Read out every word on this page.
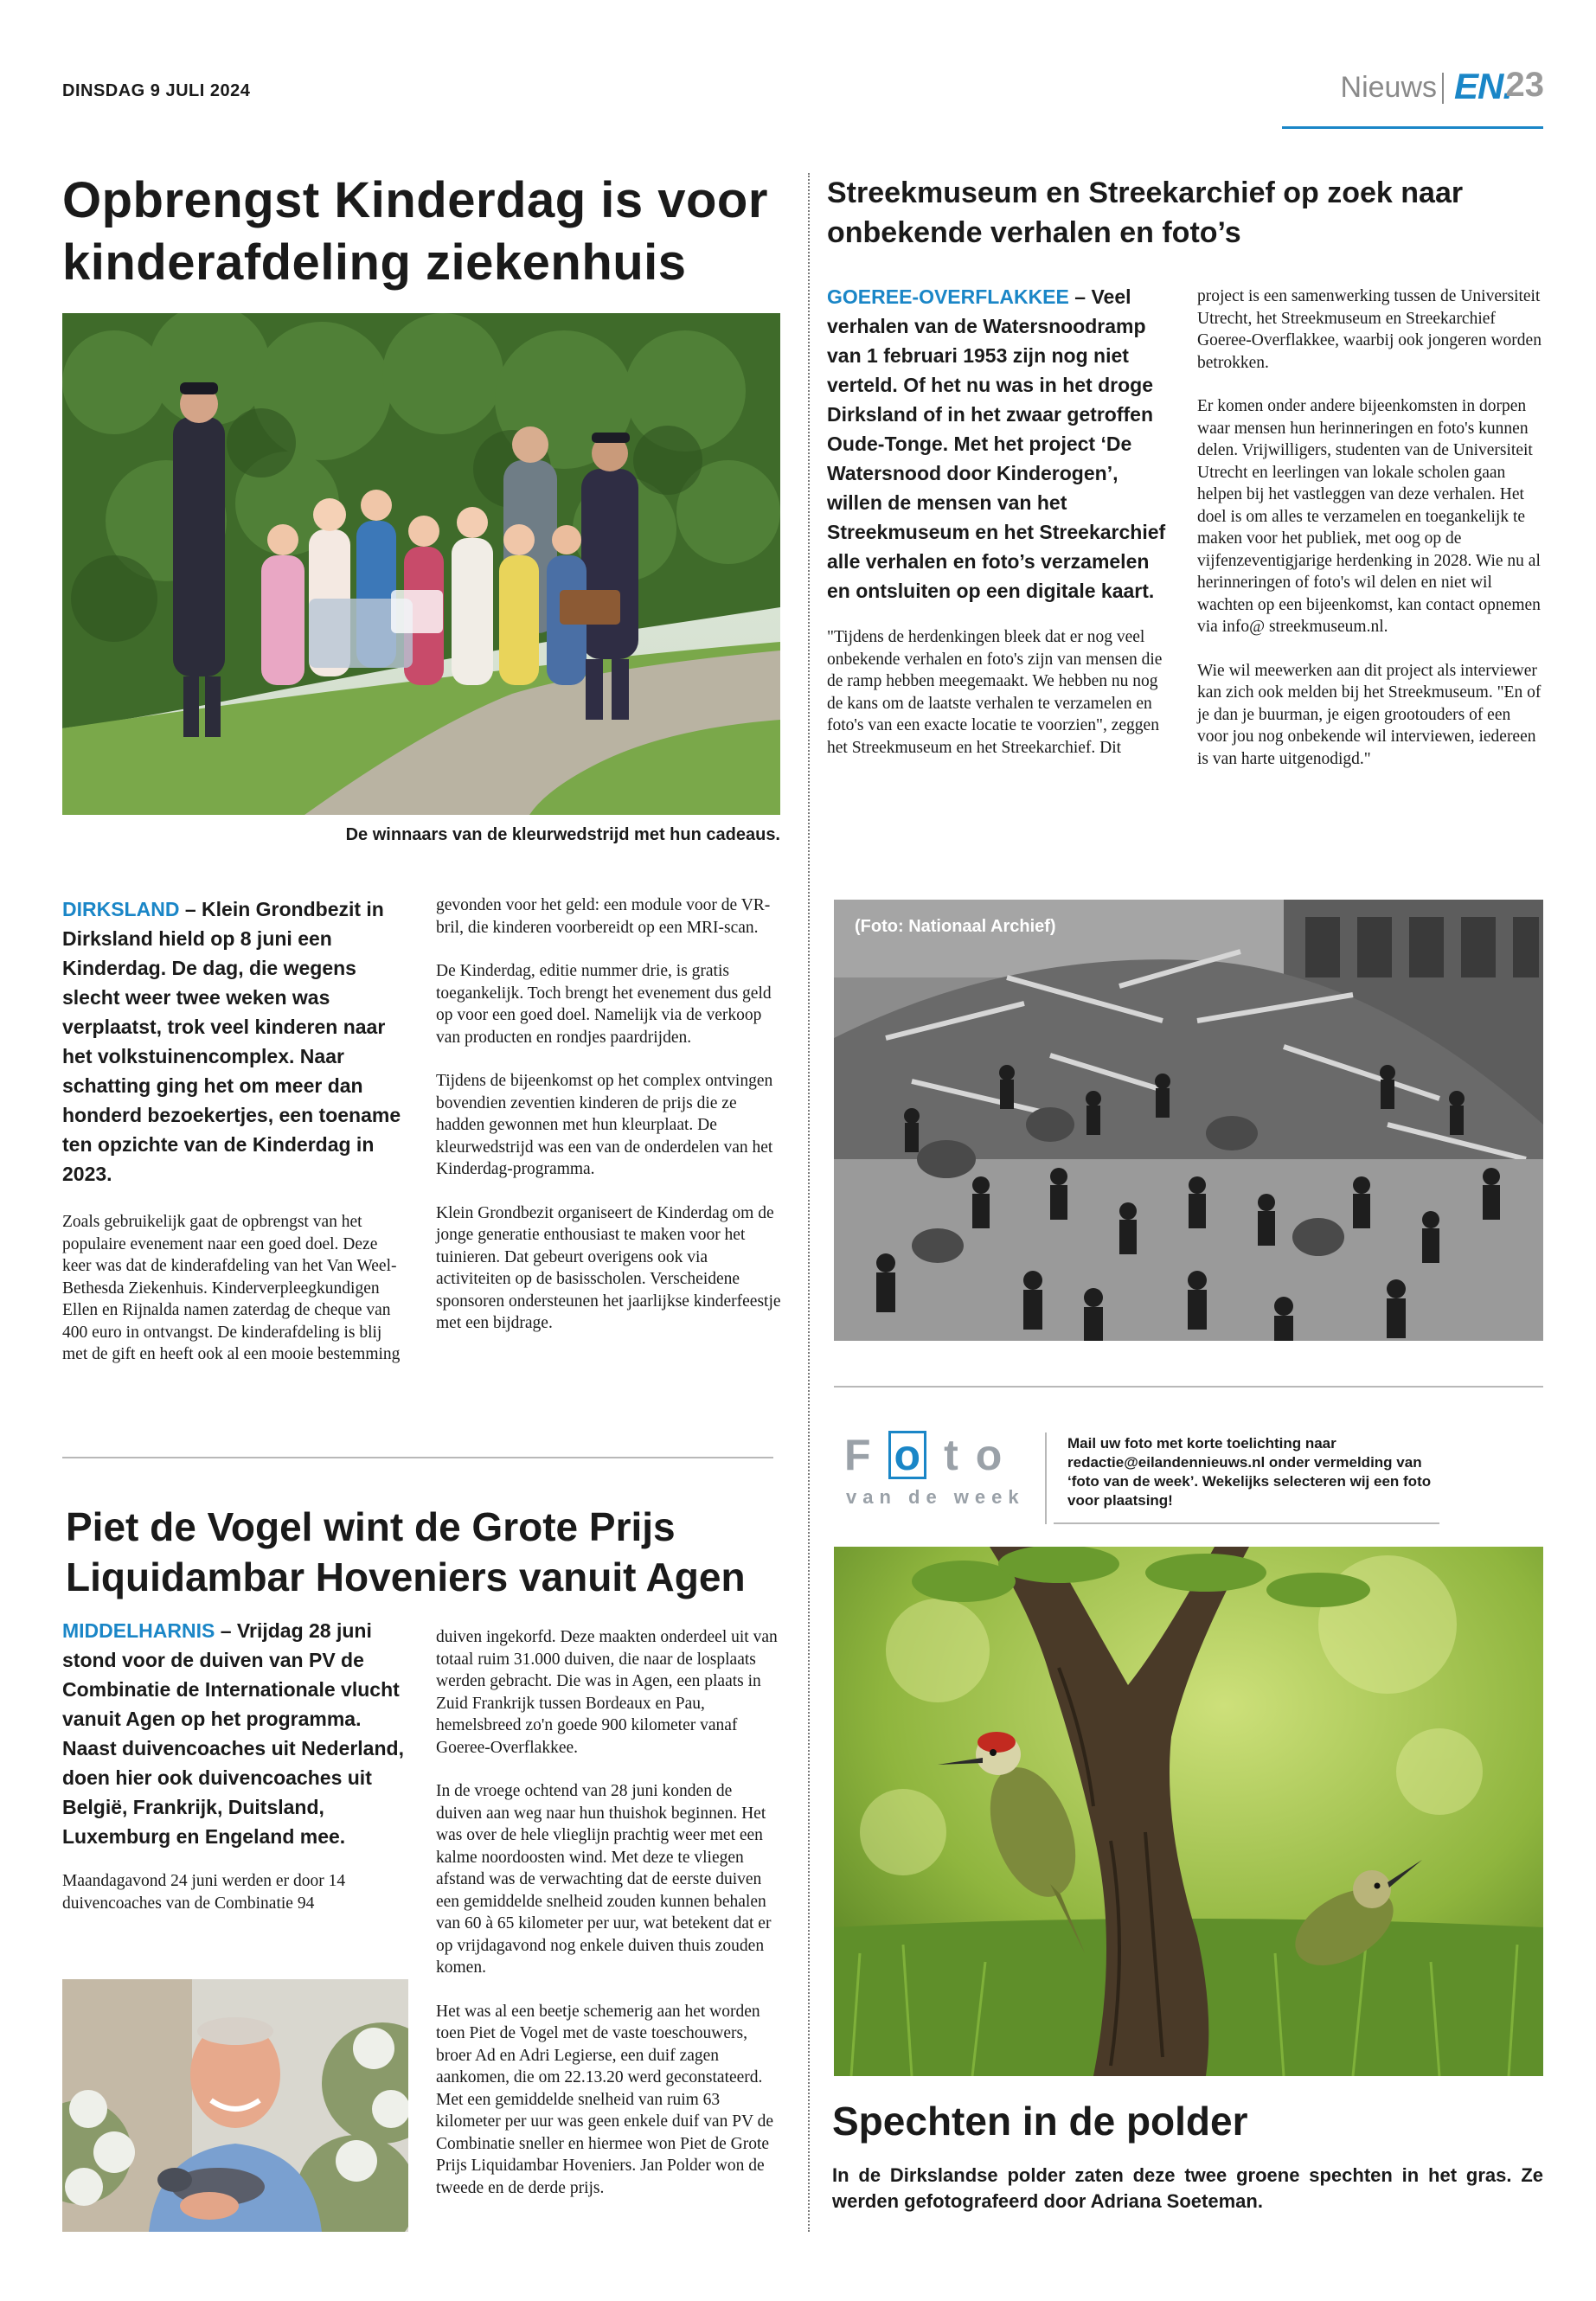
DINSDAG 9 JULI 2024	Nieuws EN.
23
Opbrengst Kinderdag is voor kinderafdeling ziekenhuis
De winnaars van de kleurwedstrijd met hun cadeaus.

DIRKSLAND – Klein Grondbezit in Dirksland hield op 8 juni een Kinderdag. De dag, die wegens slecht weer twee weken was verplaatst, trok veel kinderen naar het volkstuinencomplex. Naar schatting ging het om meer dan honderd bezoekertjes, een toename ten opzichte van de Kinderdag in 2023.

Zoals gebruikelijk gaat de opbrengst van het populaire evenement naar een goed doel. Deze keer was dat de kinderafdeling van het Van Weel-Bethesda Ziekenhuis. Kinderverpleegkundigen Ellen en Rijnalda namen zaterdag de cheque van 400 euro in ontvangst. De kinderafdeling is blij met de gift en heeft ook al een mooie bestemming

gevonden voor het geld: een module voor de VR-bril, die kinderen voorbereidt op een MRI-scan.

De Kinderdag, editie nummer drie, is gratis toegankelijk. Toch brengt het evenement dus geld op voor een goed doel. Namelijk via de verkoop van producten en rondjes paardrijden.

Tijdens de bijeenkomst op het complex ontvingen bovendien zeventien kinderen de prijs die ze hadden gewonnen met hun kleurplaat. De kleurwedstrijd was een van de onderdelen van het Kinderdag-programma.

Klein Grondbezit organiseert de Kinderdag om de jonge generatie enthousiast te maken voor het tuinieren. Dat gebeurt overigens ook via activiteiten op de basisscholen. Verscheidene sponsoren ondersteunen het jaarlijkse kinderfeestje met een bijdrage.

Piet de Vogel wint de Grote Prijs Liquidambar Hoveniers vanuit Agen

MIDDELHARNIS – Vrijdag 28 juni stond voor de duiven van PV de Combinatie de Internationale vlucht vanuit Agen op het programma. Naast duivencoaches uit Nederland, doen hier ook duivencoaches uit België, Frankrijk, Duitsland, Luxemburg en Engeland mee.

Maandagavond 24 juni werden er door 14 duivencoaches van de Combinatie 94

duiven ingekorfd. Deze maakten onderdeel uit van totaal ruim 31.000 duiven, die naar de losplaats werden gebracht. Die was in Agen, een plaats in Zuid Frankrijk tussen Bordeaux en Pau, hemelsbreed zo'n goede 900 kilometer vanaf Goeree-Overflakkee.

In de vroege ochtend van 28 juni konden de duiven aan weg naar hun thuishok beginnen. Het was over de hele vlieglijn prachtig weer met een kalme noordoosten wind. Met deze te vliegen afstand was de verwachting dat de eerste duiven een gemiddelde snelheid zouden kunnen behalen van 60 à 65 kilometer per uur, wat betekent dat er op vrijdagavond nog enkele duiven thuis zouden komen.

Het was al een beetje schemerig aan het worden toen Piet de Vogel met de vaste toeschouwers, broer Ad en Adri Legierse, een duif zagen aankomen, die om 22.13.20 werd geconstateerd. Met een gemiddelde snelheid van ruim 63 kilometer per uur was geen enkele duif van PV de Combinatie sneller en hiermee won Piet de Grote Prijs Liquidambar Hoveniers. Jan Polder won de tweede en de derde prijs.

Streekmuseum en Streekarchief op zoek naar onbekende verhalen en foto’s

GOEREE-OVERFLAKKEE – Veel verhalen van de Watersnoodramp van 1 februari 1953 zijn nog niet verteld. Of het nu was in het droge Dirksland of in het zwaar getroffen Oude-Tonge. Met het project ‘De Watersnood door Kinderogen’, willen de mensen van het Streekmuseum en het Streekarchief alle verhalen en foto’s verzamelen en ontsluiten op een digitale kaart.

"Tijdens de herdenkingen bleek dat er nog veel onbekende verhalen en foto's zijn van mensen die de ramp hebben meegemaakt. We hebben nu nog de kans om de laatste verhalen te verzamelen en foto's van een exacte locatie te voorzien", zeggen het Streekmuseum en het Streekarchief. Dit

project is een samenwerking tussen de Universiteit Utrecht, het Streekmuseum en Streekarchief Goeree-Overflakkee, waarbij ook jongeren worden betrokken.

Er komen onder andere bijeenkomsten in dorpen waar mensen hun herinneringen en foto's kunnen delen. Vrijwilligers, studenten van de Universiteit Utrecht en leerlingen van lokale scholen gaan helpen bij het vastleggen van deze verhalen. Het doel is om alles te verzamelen en toegankelijk te maken voor het publiek, met oog op de vijfenzeventigjarige herdenking in 2028. Wie nu al herinneringen of foto's wil delen en niet wil wachten op een bijeenkomst, kan contact opnemen via info@ streekmuseum.nl.

Wie wil meewerken aan dit project als interviewer kan zich ook melden bij het Streekmuseum. "En of je dan je buurman, je eigen grootouders of een voor jou nog onbekende wil interviewen, iedereen is van harte uitgenodigd."

(Foto: Nationaal Archief)
F o to
van de week
Mail uw foto met korte toelichting naar redactie@eilandennieuws.nl onder vermelding van ‘foto van de week’. Wekelijks selecteren wij een foto voor plaatsing!
Spechten in de polder

In de Dirkslandse polder zaten deze twee groene spechten in het gras. Ze werden gefotografeerd door Adriana Soeteman.
